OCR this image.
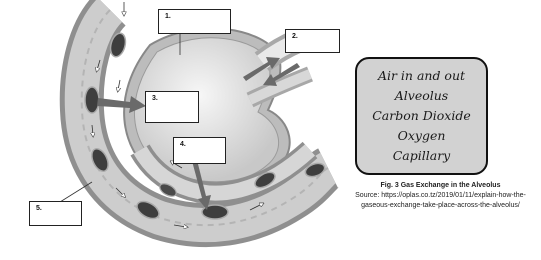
1.
2.
3.
4.
5.
Air in and out
Alveolus
Carbon Dioxide
Oxygen
Capillary
Fig. 3 Gas Exchange in the Alveolus
Source: https://oplas.co.tz/2019/01/11/explain-how-the-gaseous-exchange-take-place-across-the-alveolus/
